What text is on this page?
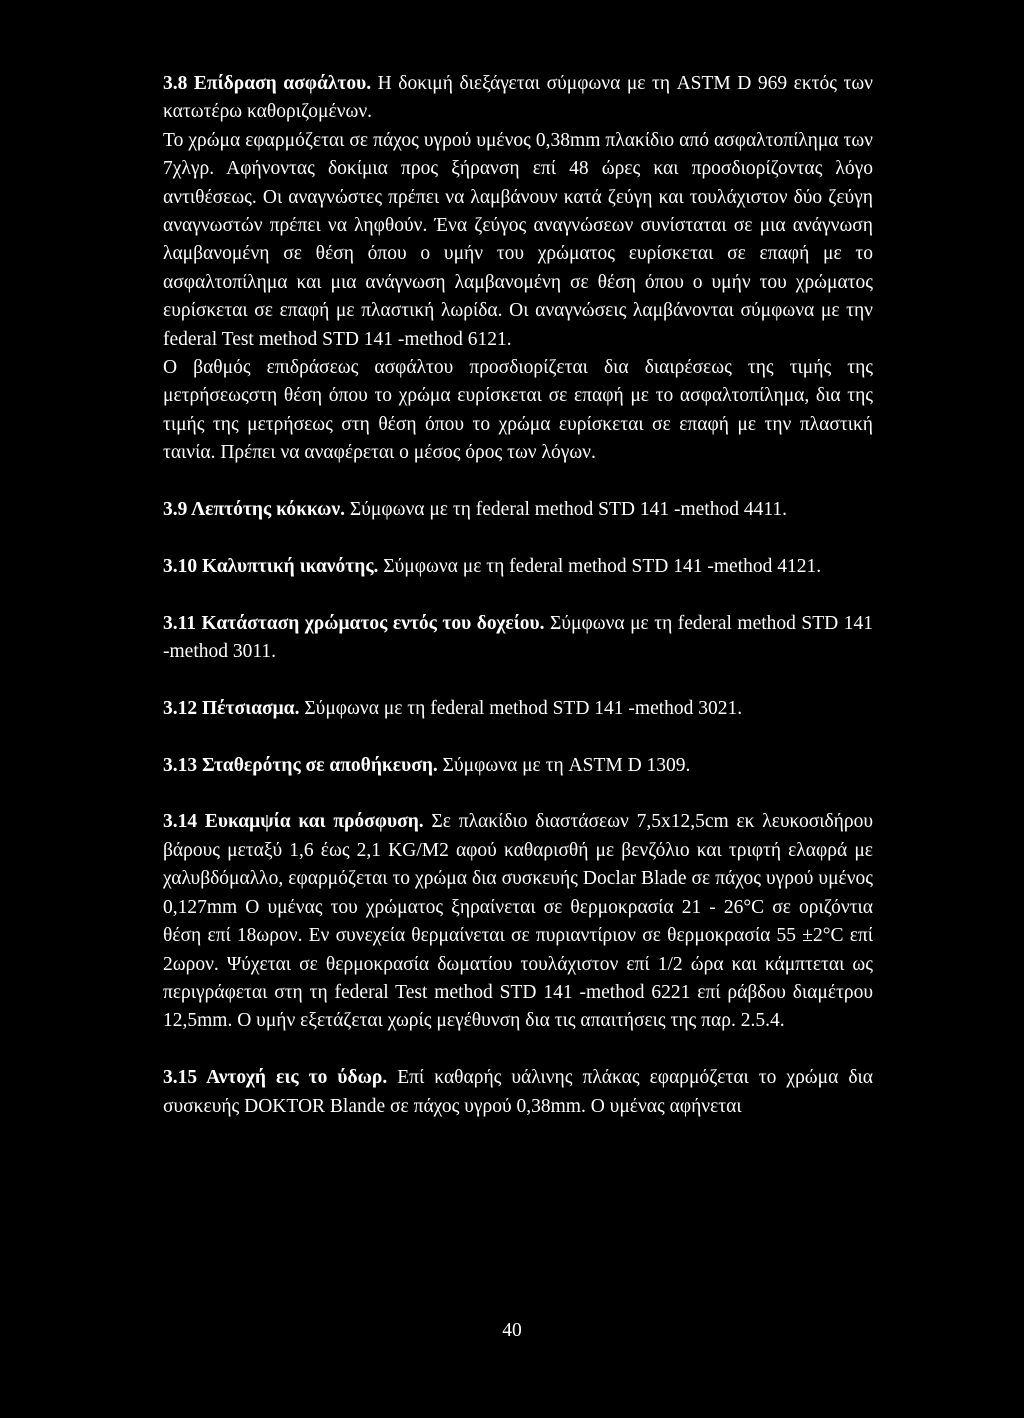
3.8 Επίδραση ασφάλτου. Η δοκιμή διεξάγεται σύμφωνα με τη ASTM D 969 εκτός των κατωτέρω καθοριζομένων.

Το χρώμα εφαρμόζεται σε πάχος υγρού υμένος 0,38mm πλακίδιο από ασφαλτοπίλημα των 7χλγρ. Αφήνοντας δοκίμια προς ξήρανση επί 48 ώρες και προσδιορίζοντας λόγο αντιθέσεως. Οι αναγνώστες πρέπει να λαμβάνουν κατά ζεύγη και τουλάχιστον δύο ζεύγη αναγνωστών πρέπει να ληφθούν. Ένα ζεύγος αναγνώσεων συνίσταται σε μια ανάγνωση λαμβανομένη σε θέση όπου ο υμήν του χρώματος ευρίσκεται σε επαφή με το ασφαλτοπίλημα και μια ανάγνωση λαμβανομένη σε θέση όπου ο υμήν του χρώματος ευρίσκεται σε επαφή με πλαστική λωρίδα. Οι αναγνώσεις λαμβάνονται σύμφωνα με την federal Test method STD 141 -method 6121.

Ο βαθμός επιδράσεως ασφάλτου προσδιορίζεται δια διαιρέσεως της τιμής της μετρήσεωςστη θέση όπου το χρώμα ευρίσκεται σε επαφή με το ασφαλτοπίλημα, δια της τιμής της μετρήσεως στη θέση όπου το χρώμα ευρίσκεται σε επαφή με την πλαστική ταινία. Πρέπει να αναφέρεται ο μέσος όρος των λόγων.

3.9 Λεπτότης κόκκων. Σύμφωνα με τη federal method STD 141 -method 4411.

3.10 Καλυπτική ικανότης. Σύμφωνα με τη federal method STD 141 -method 4121.

3.11 Κατάσταση χρώματος εντός του δοχείου. Σύμφωνα με τη federal method STD 141 -method 3011.

3.12 Πέτσιασμα. Σύμφωνα με τη federal method STD 141 -method 3021.

3.13 Σταθερότης σε αποθήκευση. Σύμφωνα με τη ASTM D 1309.

3.14 Ευκαμψία και πρόσφυση. Σε πλακίδιο διαστάσεων 7,5x12,5cm εκ λευκοσιδήρου βάρους μεταξύ 1,6 έως 2,1 KG/M2 αφού καθαρισθή με βενζόλιο και τριφτή ελαφρά με χαλυβδόμαλλο, εφαρμόζεται το χρώμα δια συσκευής Doclar Blade σε πάχος υγρού υμένος 0,127mm Ο υμένας του χρώματος ξηραίνεται σε θερμοκρασία 21 - 26°C σε οριζόντια θέση επί 18ωρον. Εν συνεχεία θερμαίνεται σε πυριαντίριον σε θερμοκρασία 55 ±2°C επί 2ωρον. Ψύχεται σε θερμοκρασία δωματίου τουλάχιστον επί 1/2 ώρα και κάμπτεται ως περιγράφεται στη τη federal Test method STD 141 -method 6221 επί ράβδου διαμέτρου 12,5mm. Ο υμήν εξετάζεται χωρίς μεγέθυνση δια τις απαιτήσεις της παρ. 2.5.4.

3.15 Αντοχή εις το ύδωρ. Επί καθαρής υάλινης πλάκας εφαρμόζεται το χρώμα δια συσκευής DOKTOR Blande σε πάχος υγρού 0,38mm. Ο υμένας αφήνεται

40
